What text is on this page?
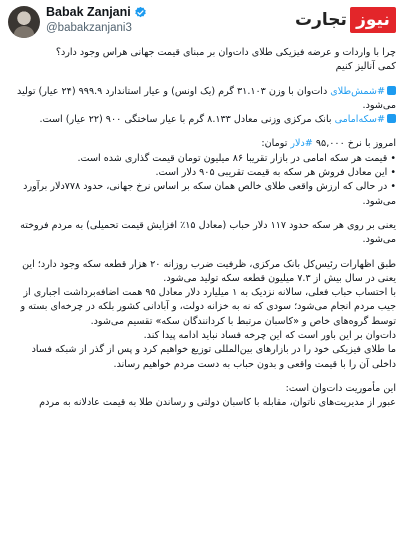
Babak Zanjani
@babakzanjani3	تجارت نیوز

چرا با واردات و عرضه فیزیکی طلای دات‌وان بر مبنای قیمت جهانی هراس وجود دارد؟

کمی آنالیز کنیم

#شمش‌طلای دات‌وان با وزن ۳۱.۱۰۳ گرم (یک اونس) و عیار استاندارد ۹۹۹.۹ (۲۴ عیار) تولید می‌شود.

#سکه‌امامی بانک مرکزی وزنی معادل ۸.۱۳۳ گرم با عیار ساختگی ۹۰۰ (۲۲ عیار) است.

امروز با نرخ ۹۵,۰۰۰ #دلار تومان:

• قیمت هر سکه امامی در بازار تقریبا ۸۶ میلیون تومان قیمت گذاری شده است.

• این معادل فروش هر سکه به قیمت تقریبی ۹۰۵ دلار است.

• در حالی که ارزش واقعی طلای خالص همان سکه بر اساس نرخ جهانی، حدود ۷۷۸دلار برآورد می‌شود.

یعنی بر روی هر سکه حدود ۱۱۷ دلار حباب (معادل ۱۵٪ افزایش قیمت تحمیلی) به مردم فروخته می‌شود.

طبق اظهارات رئیس‌کل بانک مرکزی، ظرفیت ضرب روزانه ۲۰ هزار قطعه سکه وجود دارد؛ این یعنی در سال بیش از ۷.۳ میلیون قطعه سکه تولید می‌شود.

با احتساب حباب فعلی، سالانه نزدیک به ۱ میلیارد دلار معادل ۹۵ همت اضافه‌برداشت اجباری از جیب مردم انجام می‌شود؛ سودی که نه به خزانه دولت، و آبادانی کشور بلکه در چرخه‌ای بسته و توسط گروه‌های خاص و «کاسبان مرتبط با کردانندگان سکه» تقسیم می‌شود.

دات‌وان بر این باور است که این چرخه فساد نباید ادامه پیدا کند.

ما طلای فیزیکی خود را در بازارهای بین‌المللی توزیع خواهیم کرد و پس از گذر از شبکه فساد داخلی آن را با قیمت واقعی و بدون حباب به دست مردم خواهیم رساند.

این مأموریت دات‌وان است:

عبور از مدیریت‌های ناتوان، مقابله با کاسبان دولتی و رساندن طلا به قیمت عادلانه به مردم
